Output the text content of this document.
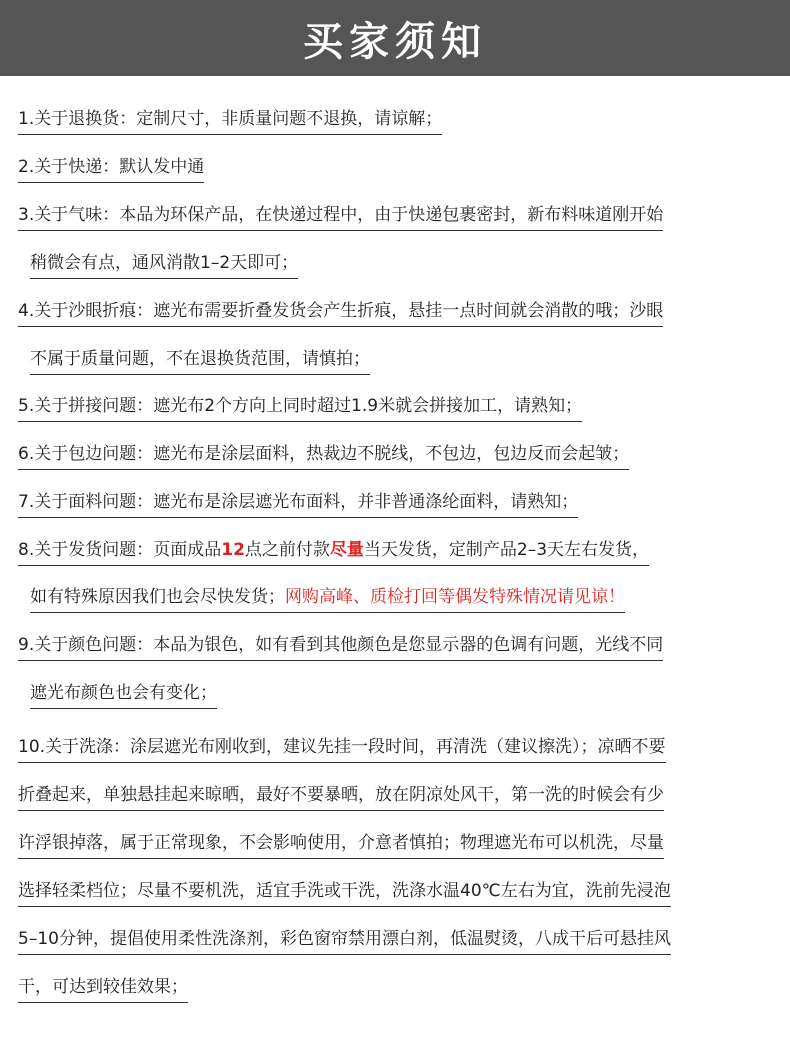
买家须知
1.关于退换货：定制尺寸，非质量问题不退换，请谅解；
2.关于快递：默认发中通
3.关于气味：本品为环保产品，在快递过程中，由于快递包裹密封，新布料味道刚开始
稍微会有点，通风消散1–2天即可；
4.关于沙眼折痕：遮光布需要折叠发货会产生折痕，悬挂一点时间就会消散的哦；沙眼
不属于质量问题，不在退换货范围，请慎拍；
5.关于拼接问题：遮光布2个方向上同时超过1.9米就会拼接加工，请熟知；
6.关于包边问题：遮光布是涂层面料，热裁边不脱线，不包边，包边反而会起皱；
7.关于面料问题：遮光布是涂层遮光布面料，并非普通涤纶面料，请熟知；
8.关于发货问题：页面成品12点之前付款尽量当天发货，定制产品2–3天左右发货，
如有特殊原因我们也会尽快发货；网购高峰、质检打回等偶发特殊情况请见谅！
9.关于颜色问题：本品为银色，如有看到其他颜色是您显示器的色调有问题，光线不同
遮光布颜色也会有变化；
10.关于洗涤：涂层遮光布刚收到，建议先挂一段时间，再清洗（建议擦洗）；凉晒不要
折叠起来，单独悬挂起来晾晒，最好不要暴晒，放在阴凉处风干，第一洗的时候会有少
许浮银掉落，属于正常现象，不会影响使用，介意者慎拍；物理遮光布可以机洗，尽量
选择轻柔档位；尽量不要机洗，适宜手洗或干洗，洗涤水温40℃左右为宜，洗前先浸泡
5–10分钟，提倡使用柔性洗涤剂，彩色窗帘禁用漂白剂，低温熨烫，八成干后可悬挂风
干，可达到较佳效果；
